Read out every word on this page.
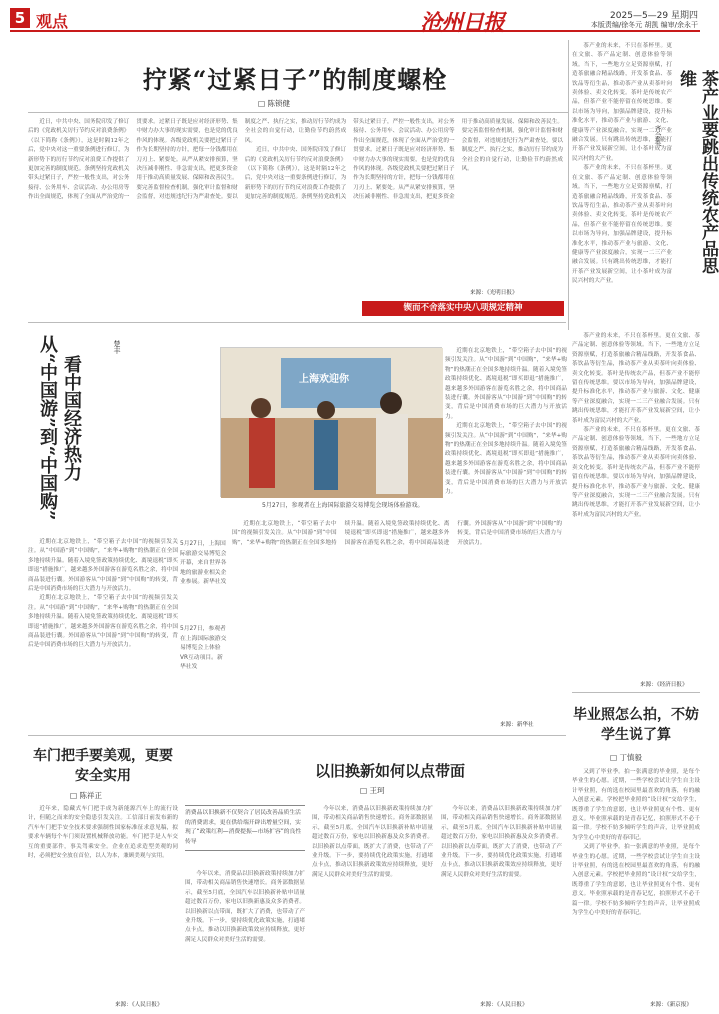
5 观点	沧州日报	2025—5—29 星期四
本版责编/徐冬元 胡凯 编审/余永干
拧紧“过紧日子”的制度螺栓
□ 陈锁健

近日，中共中央、国务院印发了修订后的《党政机关厉行节约反对浪费条例》（以下简称《条例》），这是时隔12年之后，党中央对这一重要条例进行修订，为新形势下的厉行节约反对浪费工作提供了更加完善的制度规范。条例坚持党政机关带头过紧日子，严控一般性支出，对公务接待、公务用车、会议活动、办公用房等作出全面规范，体现了全面从严治党的一贯要求。过紧日子既是应对经济形势、集中财力办大事的现实需要，也是党的优良作风的体现。各级党政机关要把过紧日子作为长期坚持的方针，把每一分钱都用在刀刃上、紧要处。从严从紧安排预算，坚决压减非刚性、非急需支出，把更多资金用于推动高质量发展、保障和改善民生。要完善监督检查机制，强化审计监督和财会监督，对违规违纪行为严肃查处。要以制度之严、执行之实，推动厉行节约成为全社会的自觉行动，让勤俭节约蔚然成风。

近日，中共中央、国务院印发了修订后的《党政机关厉行节约反对浪费条例》（以下简称《条例》），这是时隔12年之后，党中央对这一重要条例进行修订，为新形势下的厉行节约反对浪费工作提供了更加完善的制度规范。条例坚持党政机关带头过紧日子，严控一般性支出，对公务接待、公务用车、会议活动、办公用房等作出全面规范，体现了全面从严治党的一贯要求。过紧日子既是应对经济形势、集中财力办大事的现实需要，也是党的优良作风的体现。各级党政机关要把过紧日子作为长期坚持的方针，把每一分钱都用在刀刃上、紧要处。从严从紧安排预算，坚决压减非刚性、非急需支出，把更多资金用于推动高质量发展、保障和改善民生。要完善监督检查机制，强化审计监督和财会监督，对违规违纪行为严肃查处。要以制度之严、执行之实，推动厉行节约成为全社会的自觉行动，让勤俭节约蔚然成风。

来源：《光明日报》
锲而不舍落实中央八项规定精神

茶产业的未来，不只在茶杯里。更在文旅、茶产品定制、创意体验等领域。当下，一些地方立足资源禀赋，打造茶旅融合精品线路，开发茶食品、茶饮品等衍生品，推动茶产业从卖茶叶向卖体验、卖文化转变。茶叶是传统农产品，但茶产业不能停留在传统思维。要以市场为导向，加强品牌建设，提升标准化水平，推动茶产业与旅游、文化、健康等产业深度融合，实现一二三产业融合发展。只有跳出传统思维，才能打开茶产业发展新空间，让小茶叶成为富民兴村的大产业。

茶产业的未来，不只在茶杯里。更在文旅、茶产品定制、创意体验等领域。当下，一些地方立足资源禀赋，打造茶旅融合精品线路，开发茶食品、茶饮品等衍生品，推动茶产业从卖茶叶向卖体验、卖文化转变。茶叶是传统农产品，但茶产业不能停留在传统思维。要以市场为导向，加强品牌建设，提升标准化水平，推动茶产业与旅游、文化、健康等产业深度融合，实现一二三产业融合发展。只有跳出传统思维，才能打开茶产业发展新空间，让小茶叶成为富民兴村的大产业。

茶产业要跳出传统农产品思维
齐会英

茶产业的未来，不只在茶杯里。更在文旅、茶产品定制、创意体验等领域。当下，一些地方立足资源禀赋，打造茶旅融合精品线路，开发茶食品、茶饮品等衍生品，推动茶产业从卖茶叶向卖体验、卖文化转变。茶叶是传统农产品，但茶产业不能停留在传统思维。要以市场为导向，加强品牌建设，提升标准化水平，推动茶产业与旅游、文化、健康等产业深度融合，实现一二三产业融合发展。只有跳出传统思维，才能打开茶产业发展新空间，让小茶叶成为富民兴村的大产业。

茶产业的未来，不只在茶杯里。更在文旅、茶产品定制、创意体验等领域。当下，一些地方立足资源禀赋，打造茶旅融合精品线路，开发茶食品、茶饮品等衍生品，推动茶产业从卖茶叶向卖体验、卖文化转变。茶叶是传统农产品，但茶产业不能停留在传统思维。要以市场为导向，加强品牌建设，提升标准化水平，推动茶产业与旅游、文化、健康等产业深度融合，实现一二三产业融合发展。只有跳出传统思维，才能打开茶产业发展新空间，让小茶叶成为富民兴村的大产业。

来源：《经济日报》
从“中国游”到“中国购” 看中国经济热力
楚丰

近期在北京地铁上，“带空箱子去中国”的视频引发关注。从“中国游”到“中国购”，“来华+购物”的热潮正在全国多地持续升温。随着入境免签政策持续优化、离境退税“即买即退”措施推广，越来越多外国游客在游览名胜之余，将中国商品装进行囊。外国游客从“中国游”到“中国购”的转变，背后是中国消费市场的巨大潜力与开放活力。

近期在北京地铁上，“带空箱子去中国”的视频引发关注。从“中国游”到“中国购”，“来华+购物”的热潮正在全国多地持续升温。随着入境免签政策持续优化、离境退税“即买即退”措施推广，越来越多外国游客在游览名胜之余，将中国商品装进行囊。外国游客从“中国游”到“中国购”的转变，背后是中国消费市场的巨大潜力与开放活力。

上海欢迎你
5月27日，参观者在上海国际旅游交易博览会现场体验游戏。
5月27日，上海国际旅游交易博览会开幕，来自世界各地的旅游业相关企业参展。新华社发
5月27日，参观者在上海国际旅游交易博览会上体验VR互动项目。新华社发

近期在北京地铁上，“带空箱子去中国”的视频引发关注。从“中国游”到“中国购”，“来华+购物”的热潮正在全国多地持续升温。随着入境免签政策持续优化、离境退税“即买即退”措施推广，越来越多外国游客在游览名胜之余，将中国商品装进行囊。外国游客从“中国游”到“中国购”的转变，背后是中国消费市场的巨大潜力与开放活力。

近期在北京地铁上，“带空箱子去中国”的视频引发关注。从“中国游”到“中国购”，“来华+购物”的热潮正在全国多地持续升温。随着入境免签政策持续优化、离境退税“即买即退”措施推广，越来越多外国游客在游览名胜之余，将中国商品装进行囊。外国游客从“中国游”到“中国购”的转变，背后是中国消费市场的巨大潜力与开放活力。

近期在北京地铁上，“带空箱子去中国”的视频引发关注。从“中国游”到“中国购”，“来华+购物”的热潮正在全国多地持续升温。随着入境免签政策持续优化、离境退税“即买即退”措施推广，越来越多外国游客在游览名胜之余，将中国商品装进行囊。外国游客从“中国游”到“中国购”的转变，背后是中国消费市场的巨大潜力与开放活力。

来源：新华社
毕业照怎么拍，不妨学生说了算
□ 丁慎毅

又到了毕业季。拍一张满意的毕业照，是每个毕业生的心愿。近期，一些学校尝试让学生自主设计毕业照，有的选在校园里最喜欢的角落，有的融入创意元素。学校把毕业照的“设计权”交给学生，既尊重了学生的意愿，也让毕业照更有个性、更有意义。毕业照承载的是青春记忆，拍照形式不必千篇一律。学校不妨多倾听学生的声音，让毕业照成为学生心中美好的青春印记。

又到了毕业季。拍一张满意的毕业照，是每个毕业生的心愿。近期，一些学校尝试让学生自主设计毕业照，有的选在校园里最喜欢的角落，有的融入创意元素。学校把毕业照的“设计权”交给学生，既尊重了学生的意愿，也让毕业照更有个性、更有意义。毕业照承载的是青春记忆，拍照形式不必千篇一律。学校不妨多倾听学生的声音，让毕业照成为学生心中美好的青春印记。

来源：《新京报》
车门把手要美观，更要安全实用
□ 陈祥正

近年来，隐藏式车门把手成为新能源汽车上的流行设计，但随之而来的安全隐患引发关注。工信部日前发布新的汽车车门把手安全技术要求强制性国家标准征求意见稿，拟要求车辆每个车门须设置机械释放功能。车门把手是人车交互的重要部件，事关驾乘安全。企业在追求造型美观的同时，必须把安全放在首位，以人为本，兼顾美观与实用。

来源：《人民日报》
以旧换新如何以点带面
□ 王珂
消费品以旧换新不仅契合了居民改善品质生活的消费需求，更在供给端开辟出增量空间，实现了“政策红利—消费提振—市场扩容”的良性传导

今年以来，消费品以旧换新政策持续加力扩围，带动相关商品销售快速增长。商务部数据显示，截至5月底，全国汽车以旧换新补贴申请量超过数百万份，家电以旧换新惠及众多消费者。以旧换新以点带面，既扩大了消费，也带动了产业升级。下一步，要持续优化政策实施，打通堵点卡点，推动以旧换新政策效应持续释放，更好满足人民群众对美好生活的需要。

今年以来，消费品以旧换新政策持续加力扩围，带动相关商品销售快速增长。商务部数据显示，截至5月底，全国汽车以旧换新补贴申请量超过数百万份，家电以旧换新惠及众多消费者。以旧换新以点带面，既扩大了消费，也带动了产业升级。下一步，要持续优化政策实施，打通堵点卡点，推动以旧换新政策效应持续释放，更好满足人民群众对美好生活的需要。

今年以来，消费品以旧换新政策持续加力扩围，带动相关商品销售快速增长。商务部数据显示，截至5月底，全国汽车以旧换新补贴申请量超过数百万份，家电以旧换新惠及众多消费者。以旧换新以点带面，既扩大了消费，也带动了产业升级。下一步，要持续优化政策实施，打通堵点卡点，推动以旧换新政策效应持续释放，更好满足人民群众对美好生活的需要。

来源：《人民日报》
